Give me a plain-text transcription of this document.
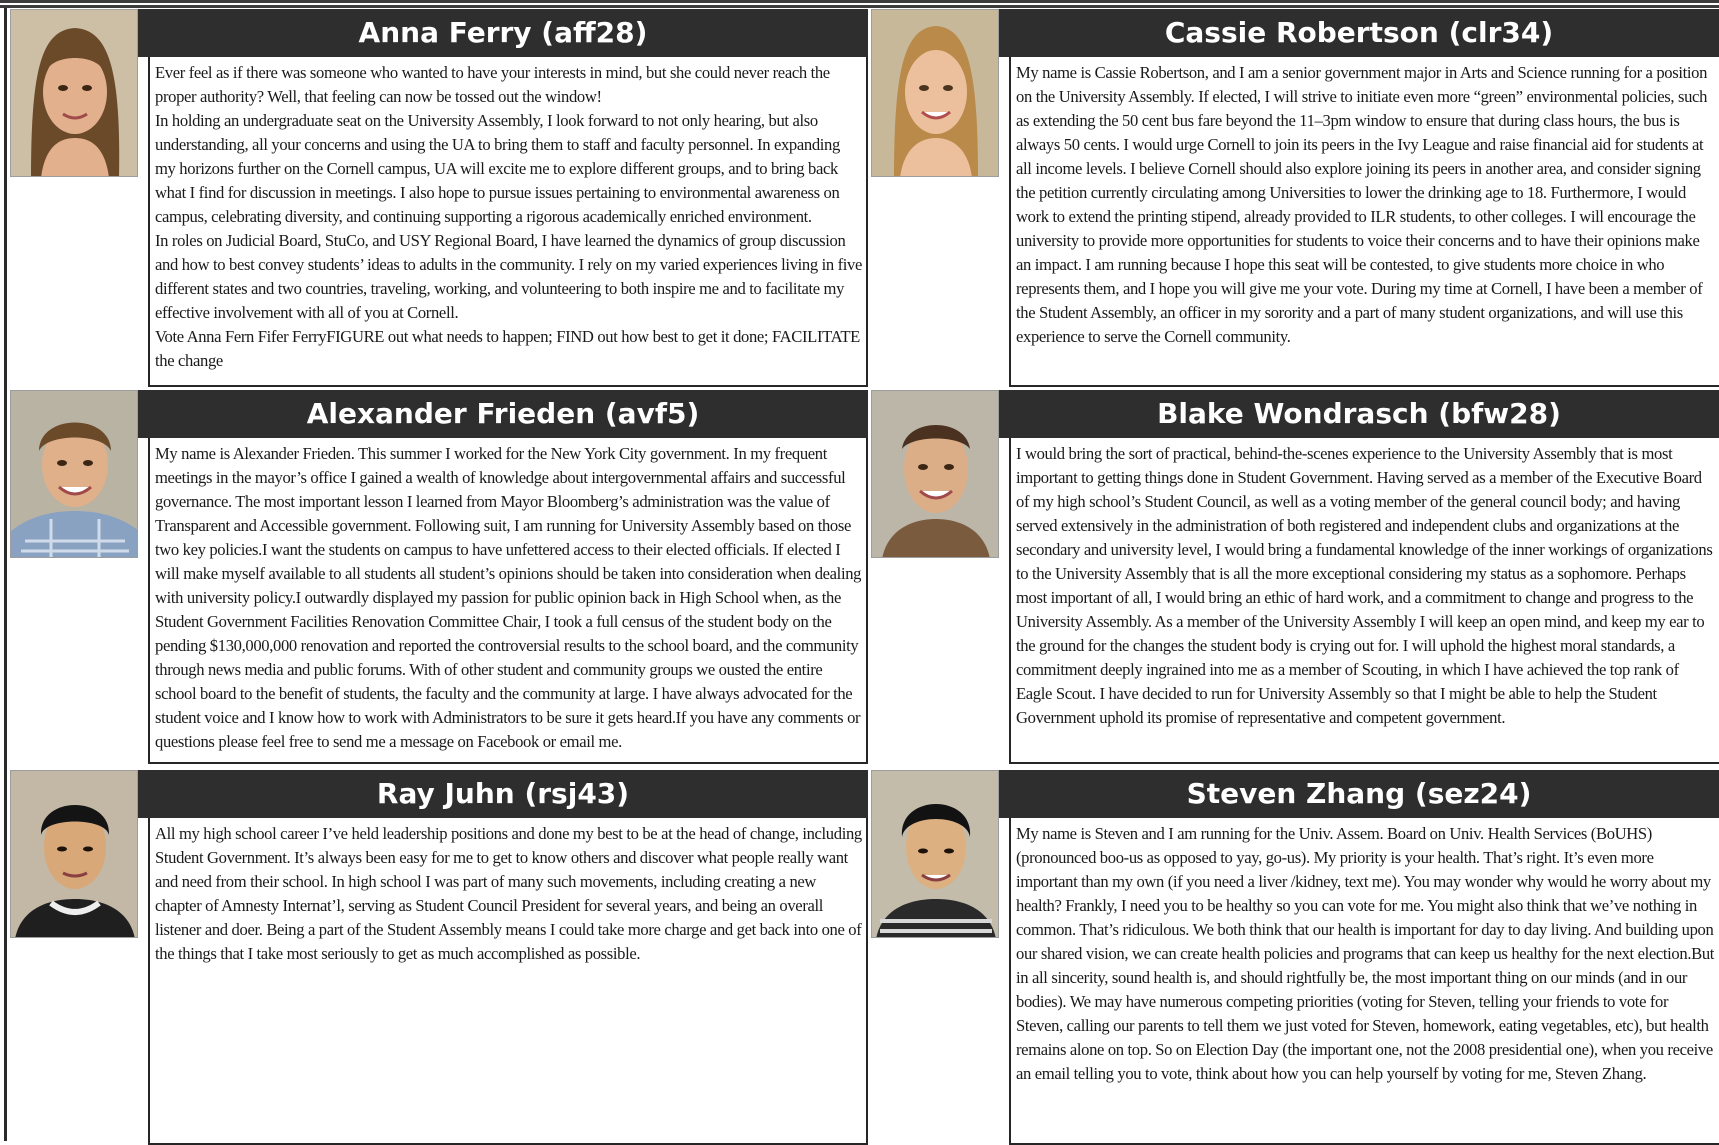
Anna Ferry (aff28)

Ever feel as if there was someone who wanted to have your interests in mind, but she could never reach the proper authority? Well, that feeling can now be tossed out the window!

In holding an undergraduate seat on the University Assembly, I look forward to not only hearing, but also understanding, all your concerns and using the UA to bring them to staff and faculty personnel. In expanding my horizons further on the Cornell campus, UA will excite me to explore different groups, and to bring back what I find for discussion in meetings. I also hope to pursue issues pertaining to environmental awareness on campus, celebrating diversity, and continuing supporting a rigorous academically enriched environment.

In roles on Judicial Board, StuCo, and USY Regional Board, I have learned the dynamics of group discussion and how to best convey students’ ideas to adults in the community. I rely on my varied experiences living in five different states and two countries, traveling, working, and volunteering to both inspire me and to facilitate my effective involvement with all of you at Cornell.

Vote Anna Fern Fifer FerryFIGURE out what needs to happen; FIND out how best to get it done; FACILITATE the change

Cassie Robertson (clr34)

My name is Cassie Robertson, and I am a senior government major in Arts and Science running for a position on the University Assembly. If elected, I will strive to initiate even more “green” environmental policies, such as extending the 50 cent bus fare beyond the 11–3pm window to ensure that during class hours, the bus is always 50 cents. I would urge Cornell to join its peers in the Ivy League and raise financial aid for students at all income levels. I believe Cornell should also explore joining its peers in another area, and consider signing the petition currently circulating among Universities to lower the drinking age to 18. Furthermore, I would work to extend the printing stipend, already provided to ILR students, to other colleges. I will encourage the university to provide more opportunities for students to voice their concerns and to have their opinions make an impact. I am running because I hope this seat will be contested, to give students more choice in who represents them, and I hope you will give me your vote. During my time at Cornell, I have been a member of the Student Assembly, an officer in my sorority and a part of many student organizations, and will use this experience to serve the Cornell community.

Alexander Frieden (avf5)

My name is Alexander Frieden. This summer I worked for the New York City government. In my frequent meetings in the mayor’s office I gained a wealth of knowledge about intergovernmental affairs and successful governance. The most important lesson I learned from Mayor Bloomberg’s administration was the value of Transparent and Accessible government. Following suit, I am running for University Assembly based on those two key policies.I want the students on campus to have unfettered access to their elected officials. If elected I will make myself available to all students all student’s opinions should be taken into consideration when dealing with university policy.I outwardly displayed my passion for public opinion back in High School when, as the Student Government Facilities Renovation Committee Chair, I took a full census of the student body on the pending $130,000,000 renovation and reported the controversial results to the school board, and the community through news media and public forums. With of other student and community groups we ousted the entire school board to the benefit of students, the faculty and the community at large. I have always advocated for the student voice and I know how to work with Administrators to be sure it gets heard.If you have any comments or questions please feel free to send me a message on Facebook or email me.

Blake Wondrasch (bfw28)

I would bring the sort of practical, behind-the-scenes experience to the University Assembly that is most important to getting things done in Student Government. Having served as a member of the Executive Board of my high school’s Student Council, as well as a voting member of the general council body; and having served extensively in the administration of both registered and independent clubs and organizations at the secondary and university level, I would bring a fundamental knowledge of the inner workings of organizations to the University Assembly that is all the more exceptional considering my status as a sophomore. Perhaps most important of all, I would bring an ethic of hard work, and a commitment to change and progress to the University Assembly. As a member of the University Assembly I will keep an open mind, and keep my ear to the ground for the changes the student body is crying out for. I will uphold the highest moral standards, a commitment deeply ingrained into me as a member of Scouting, in which I have achieved the top rank of Eagle Scout. I have decided to run for University Assembly so that I might be able to help the Student Government uphold its promise of representative and competent government.

Ray Juhn (rsj43)

All my high school career I’ve held leadership positions and done my best to be at the head of change, including Student Government. It’s always been easy for me to get to know others and discover what people really want and need from their school. In high school I was part of many such movements, including creating a new chapter of Amnesty Internat’l, serving as Student Council President for several years, and being an overall listener and doer. Being a part of the Student Assembly means I could take more charge and get back into one of the things that I take most seriously to get as much accomplished as possible.

Steven Zhang (sez24)

My name is Steven and I am running for the Univ. Assem. Board on Univ. Health Services (BoUHS) (pronounced boo-us as opposed to yay, go-us). My priority is your health. That’s right. It’s even more important than my own (if you need a liver /kidney, text me). You may wonder why would he worry about my health? Frankly, I need you to be healthy so you can vote for me. You might also think that we’ve nothing in common. That’s ridiculous. We both think that our health is important for day to day living. And building upon our shared vision, we can create health policies and programs that can keep us healthy for the next election.But in all sincerity, sound health is, and should rightfully be, the most important thing on our minds (and in our bodies). We may have numerous competing priorities (voting for Steven, telling your friends to vote for Steven, calling our parents to tell them we just voted for Steven, homework, eating vegetables, etc), but health remains alone on top. So on Election Day (the important one, not the 2008 presidential one), when you receive an email telling you to vote, think about how you can help yourself by voting for me, Steven Zhang.
